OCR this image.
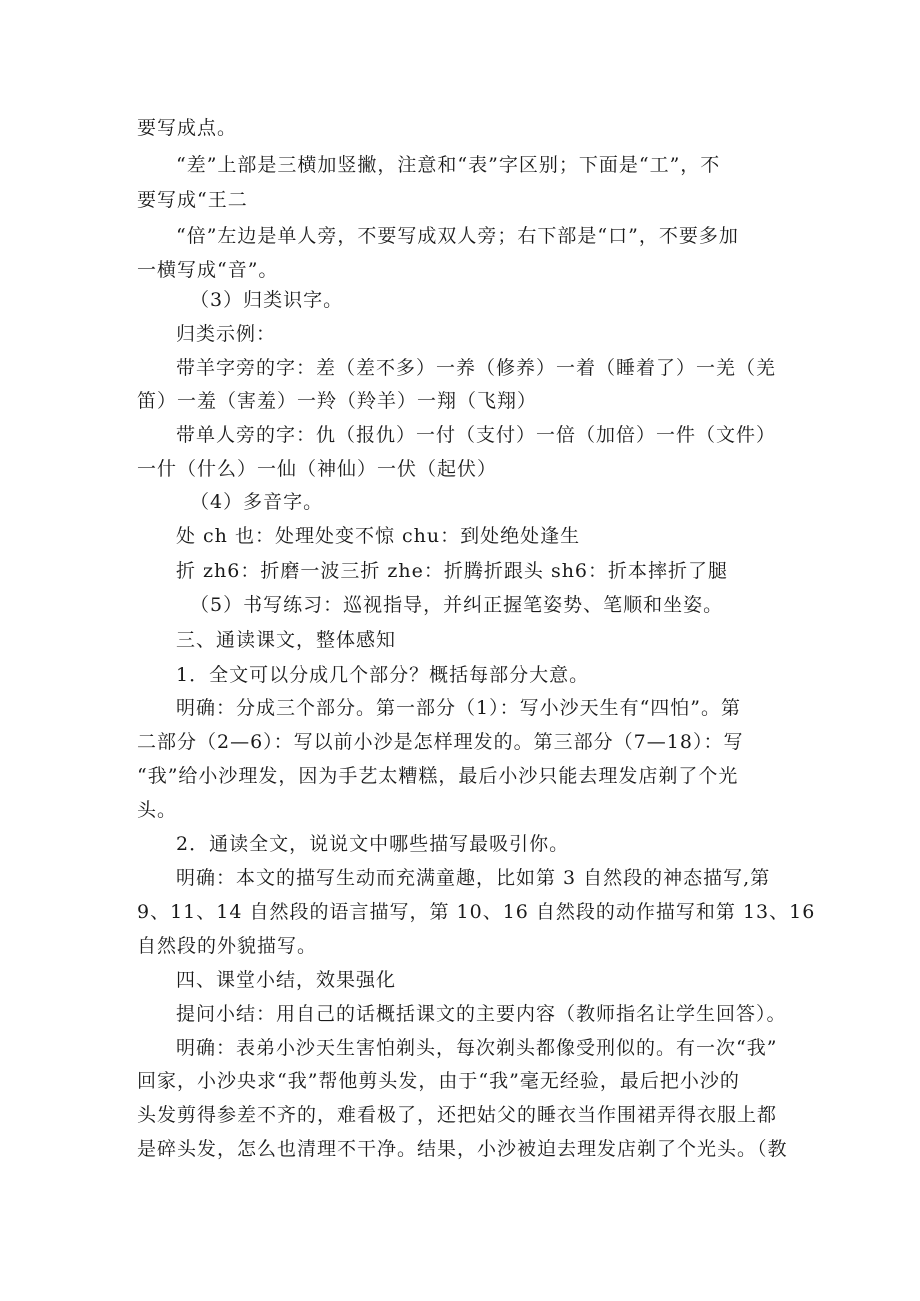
要写成点。
“差”上部是三横加竖撇，注意和“表”字区别；下面是“工”，不
要写成“王二
“倍”左边是单人旁，不要写成双人旁；右下部是“口”，不要多加
一横写成“音”。
（3）归类识字。
归类示例：
带羊字旁的字：差（差不多）一养（修养）一着（睡着了）一羌（羌
笛）一羞（害羞）一羚（羚羊）一翔（飞翔）
带单人旁的字：仇（报仇）一付（支付）一倍（加倍）一件（文件）
一什（什么）一仙（神仙）一伏（起伏）
（4）多音字。
处 ch 也：处理处变不惊 chu：到处绝处逢生
折 zh6：折磨一波三折 zhe：折腾折跟头 sh6：折本摔折了腿
（5）书写练习：巡视指导，并纠正握笔姿势、笔顺和坐姿。
三、通读课文，整体感知
1．全文可以分成几个部分？概括每部分大意。
明确：分成三个部分。第一部分（1）：写小沙天生有“四怕”。第
二部分（2—6）：写以前小沙是怎样理发的。第三部分（7—18）：写
“我”给小沙理发，因为手艺太糟糕，最后小沙只能去理发店剃了个光
头。
2．通读全文，说说文中哪些描写最吸引你。
明确：本文的描写生动而充满童趣，比如第 3 自然段的神态描写,第
9、11、14 自然段的语言描写，第 10、16 自然段的动作描写和第 13、16
自然段的外貌描写。
四、课堂小结，效果强化
提问小结：用自己的话概括课文的主要内容（教师指名让学生回答）。
明确：表弟小沙天生害怕剃头，每次剃头都像受刑似的。有一次“我”
回家，小沙央求“我”帮他剪头发，由于“我”毫无经验，最后把小沙的
头发剪得参差不齐的，难看极了，还把姑父的睡衣当作围裙弄得衣服上都
是碎头发，怎么也清理不干净。结果，小沙被迫去理发店剃了个光头。（教
